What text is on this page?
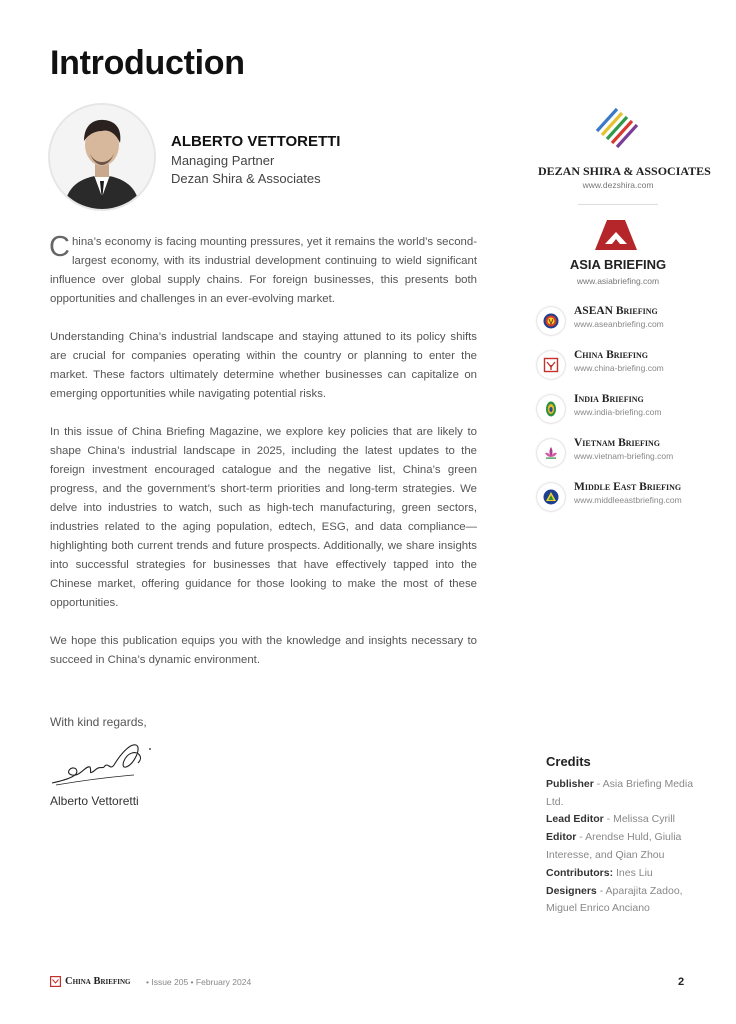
Introduction
ALBERTO VETTORETTI
Managing Partner
Dezan Shira & Associates

China’s economy is facing mounting pressures, yet it remains the world’s second-largest economy, with its industrial development continuing to wield significant influence over global supply chains. For foreign businesses, this presents both opportunities and challenges in an ever-evolving market.

Understanding China’s industrial landscape and staying attuned to its policy shifts are crucial for companies operating within the country or planning to enter the market. These factors ultimately determine whether businesses can capitalize on emerging opportunities while navigating potential risks.

In this issue of China Briefing Magazine, we explore key policies that are likely to shape China’s industrial landscape in 2025, including the latest updates to the foreign investment encouraged catalogue and the negative list, China’s green progress, and the government’s short-term priorities and long-term strategies. We delve into industries to watch, such as high-tech manufacturing, green sectors, industries related to the aging population, edtech, ESG, and data compliance—highlighting both current trends and future prospects. Additionally, we share insights into successful strategies for businesses that have effectively tapped into the Chinese market, offering guidance for those looking to make the most of these opportunities.

We hope this publication equips you with the knowledge and insights necessary to succeed in China’s dynamic environment.

With kind regards,
Alberto Vettoretti
DEZAN SHIRA & ASSOCIATES
www.dezshira.com
ASIA BRIEFING
www.asiabriefing.com
ASEAN Briefing
www.aseanbriefing.com
China Briefing
www.china-briefing.com
India Briefing
www.india-briefing.com
Vietnam Briefing
www.vietnam-briefing.com
Middle East Briefing
www.middleeastbriefing.com
Credits
Publisher - Asia Briefing Media Ltd.
Lead Editor - Melissa Cyrill
Editor - Arendse Huld, Giulia Interesse, and Qian Zhou
Contributors: Ines Liu
Designers - Aparajita Zadoo, Miguel Enrico Anciano
China Briefing • Issue 205 • February 2024	2
